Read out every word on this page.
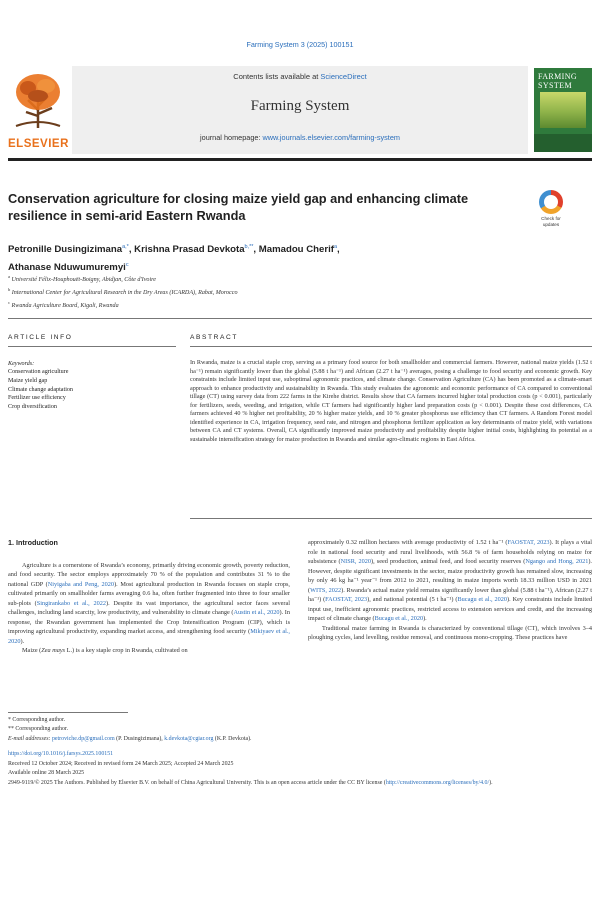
Farming System 3 (2025) 100151
ELSEVIER
Contents lists available at ScienceDirect
Farming System
journal homepage: www.journals.elsevier.com/farming-system
FARMING SYSTEM
Conservation agriculture for closing maize yield gap and enhancing climate resilience in semi-arid Eastern Rwanda	Check for
updates
Petronille Dusingizimana$^{a,*}$, Krishna Prasad Devkota$^{b,**}$, Mamadou Cherif$^a$,
Athanase Nduwumuremyi$^c$
$^a$ Université Félix-Houphouët-Boigny, Abidjan, Côte d'Ivoire
$^b$ International Center for Agricultural Research in the Dry Areas (ICARDA), Rabat, Morocco
$^c$ Rwanda Agriculture Board, Kigali, Rwanda
ARTICLE INFO
Keywords:
Conservation agriculture
Maize yield gap
Climate change adaptation
Fertilizer use efficiency
Crop diversification
ABSTRACT
In Rwanda, maize is a crucial staple crop, serving as a primary food source for both smallholder and commercial farmers. However, national maize yields (1.52 t ha⁻¹) remain significantly lower than the global (5.88 t ha⁻¹) and African (2.27 t ha⁻¹) averages, posing a challenge to food security and economic growth. Key constraints include limited input use, suboptimal agronomic practices, and climate change. Conservation Agriculture (CA) has been promoted as a climate-smart approach to enhance productivity and sustainability in Rwanda. This study evaluates the agronomic and economic performance of CA compared to conventional tillage (CT) using survey data from 222 farms in the Kirehe district. Results show that CA farmers incurred higher total production costs (p < 0.001), particularly for fertilizers, seeds, weeding, and irrigation, while CT farmers had significantly higher land preparation costs (p < 0.001). Despite these cost differences, CA farmers achieved 40 % higher net profitability, 20 % higher maize yields, and 10 % greater phosphorus use efficiency than CT farmers. A Random Forest model identified experience in CA, irrigation frequency, seed rate, and nitrogen and phosphorus fertilizer application as key determinants of maize yield, with variations between CA and CT systems. Overall, CA significantly improved maize productivity and profitability despite higher initial costs, highlighting its potential as a sustainable intensification strategy for maize production in Rwanda and similar agro-climatic regions in East Africa.
1. Introduction

Agriculture is a cornerstone of Rwanda’s economy, primarily driving economic growth, poverty reduction, and food security. The sector employs approximately 70 % of the population and contributes 31 % to the national GDP (Niyigaba and Peng, 2020). Most agricultural production in Rwanda focuses on staple crops, cultivated primarily on smallholder farms averaging 0.6 ha, often further fragmented into three to four smaller sub-plots (Singirankabo et al., 2022). Despite its vast importance, the agricultural sector faces several challenges, including land scarcity, low productivity, and vulnerability to climate change (Austin et al., 2020). In response, the Rwandan government has implemented the Crop Intensification Program (CIP), which is improving agricultural productivity, expanding market access, and strengthening food security (Mikiyaev et al., 2020).

Maize (Zea mays L.) is a key staple crop in Rwanda, cultivated on

approximately 0.32 million hectares with average productivity of 1.52 t ha⁻¹ (FAOSTAT, 2023). It plays a vital role in national food security and rural livelihoods, with 56.8 % of farm households relying on maize for subsistence (NISR, 2020), seed production, animal feed, and food security reserves (Ngango and Hong, 2021). However, despite significant investments in the sector, maize productivity growth has remained slow, increasing by only 46 kg ha⁻¹ year⁻¹ from 2012 to 2021, resulting in maize imports worth 18.33 million USD in 2021 (WITS, 2022). Rwanda’s actual maize yield remains significantly lower than global (5.88 t ha⁻¹), African (2.27 t ha⁻¹) (FAOSTAT, 2023), and national potential (5 t ha⁻¹) (Bucagu et al., 2020). Key constraints include limited input use, inefficient agronomic practices, restricted access to extension services and credit, and the increasing impact of climate change (Bucagu et al., 2020).

Traditional maize farming in Rwanda is characterized by conventional tillage (CT), which involves 3–4 ploughing cycles, land levelling, residue removal, and continuous mono-cropping. These practices have

* Corresponding author.
** Corresponding author.
E-mail addresses: petroviche.dp@gmail.com (P. Dusingizimana), k.devkota@cgiar.org (K.P. Devkota).
https://doi.org/10.1016/j.farsys.2025.100151
Received 12 October 2024; Received in revised form 24 March 2025; Accepted 24 March 2025
Available online 28 March 2025
2949-9119/© 2025 The Authors. Published by Elsevier B.V. on behalf of China Agricultural University. This is an open access article under the CC BY license (http://creativecommons.org/licenses/by/4.0/).
